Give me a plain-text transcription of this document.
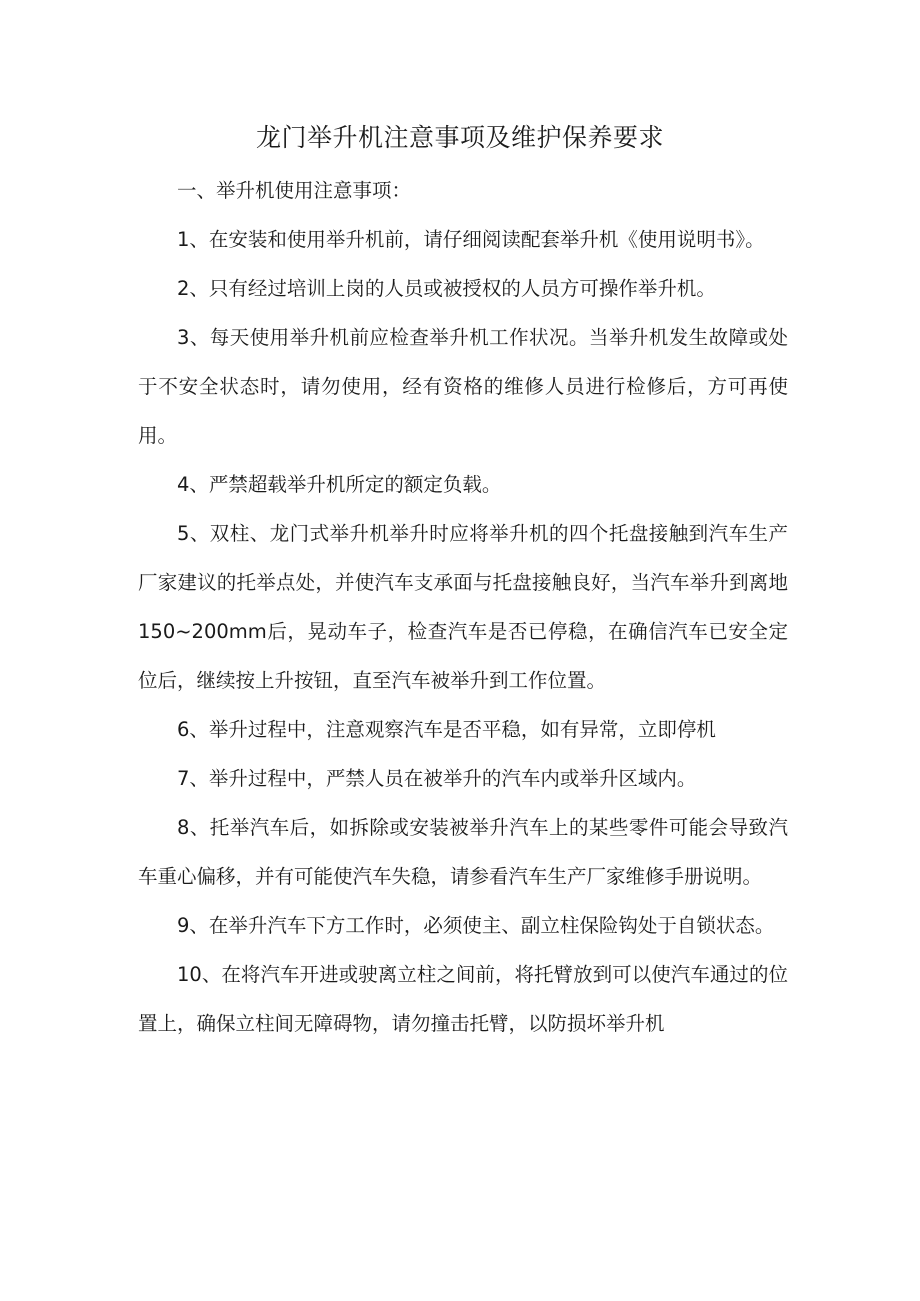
龙门举升机注意事项及维护保养要求

一、举升机使用注意事项：

1、在安装和使用举升机前，请仔细阅读配套举升机《使用说明书》。

2、只有经过培训上岗的人员或被授权的人员方可操作举升机。

3、每天使用举升机前应检查举升机工作状况。当举升机发生故障或处于不安全状态时，请勿使用，经有资格的维修人员进行检修后，方可再使用。

4、严禁超载举升机所定的额定负载。

5、双柱、龙门式举升机举升时应将举升机的四个托盘接触到汽车生产厂家建议的托举点处，并使汽车支承面与托盘接触良好，当汽车举升到离地150~200mm后，晃动车子，检查汽车是否已停稳，在确信汽车已安全定位后，继续按上升按钮，直至汽车被举升到工作位置。

6、举升过程中，注意观察汽车是否平稳，如有异常，立即停机

7、举升过程中，严禁人员在被举升的汽车内或举升区域内。

8、托举汽车后，如拆除或安装被举升汽车上的某些零件可能会导致汽车重心偏移，并有可能使汽车失稳，请参看汽车生产厂家维修手册说明。

9、在举升汽车下方工作时，必须使主、副立柱保险钩处于自锁状态。

10、在将汽车开进或驶离立柱之间前，将托臂放到可以使汽车通过的位置上，确保立柱间无障碍物，请勿撞击托臂，以防损坏举升机
